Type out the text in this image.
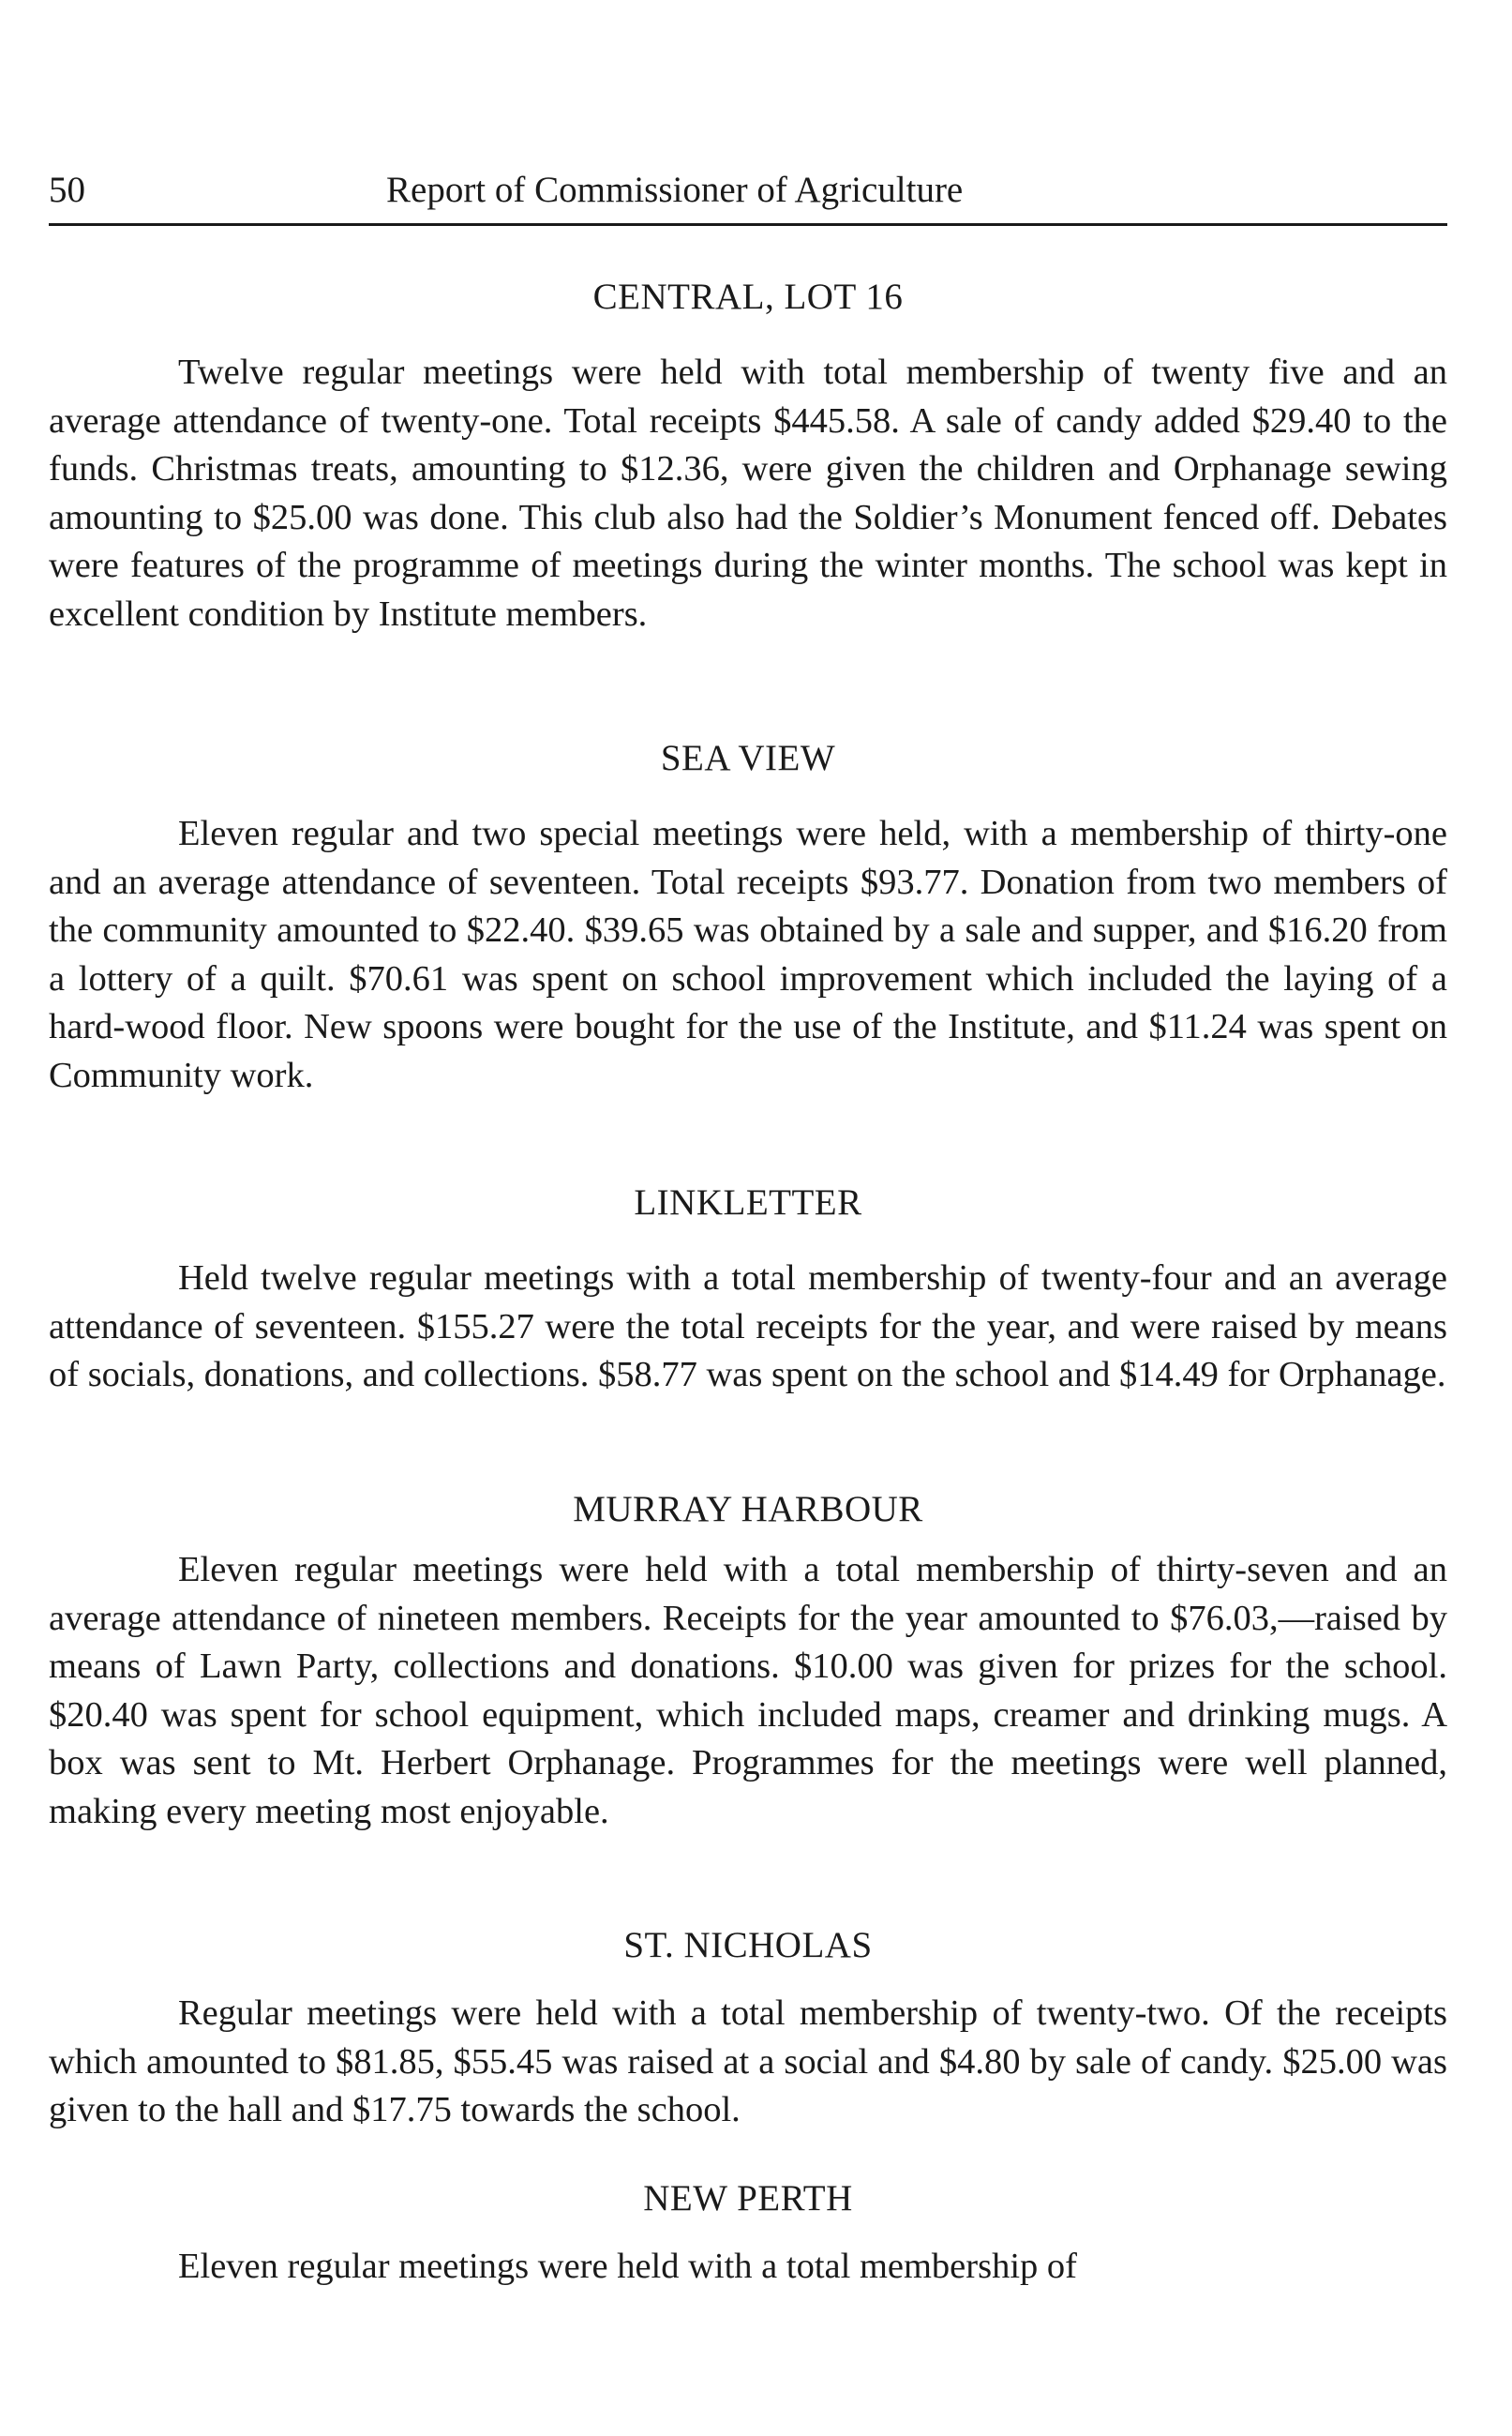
50	Report of Commissioner of Agriculture
CENTRAL, LOT 16

Twelve regular meetings were held with total membership of twenty five and an average attendance of twenty-one. Total receipts $445.58. A sale of candy added $29.40 to the funds. Christmas treats, amounting to $12.36, were given the children and Orphanage sewing amounting to $25.00 was done. This club also had the Soldier’s Monument fenced off. Debates were features of the programme of meetings during the winter months. The school was kept in excellent condition by Institute members.

SEA VIEW

Eleven regular and two special meetings were held, with a membership of thirty-one and an average attendance of seventeen. Total receipts $93.77. Donation from two members of the community amounted to $22.40. $39.65 was obtained by a sale and supper, and $16.20 from a lottery of a quilt. $70.61 was spent on school improvement which included the laying of a hard-wood floor. New spoons were bought for the use of the Institute, and $11.24 was spent on Community work.

LINKLETTER

Held twelve regular meetings with a total membership of twenty-four and an average attendance of seventeen. $155.27 were the total receipts for the year, and were raised by means of socials, donations, and collections. $58.77 was spent on the school and $14.49 for Orphanage.

MURRAY HARBOUR

Eleven regular meetings were held with a total membership of thirty-seven and an average attendance of nineteen members. Receipts for the year amounted to $76.03,—raised by means of Lawn Party, collections and donations. $10.00 was given for prizes for the school. $20.40 was spent for school equipment, which included maps, creamer and drinking mugs. A box was sent to Mt. Herbert Orphanage. Programmes for the meetings were well planned, making every meeting most enjoyable.

ST. NICHOLAS

Regular meetings were held with a total membership of twenty-two. Of the receipts which amounted to $81.85, $55.45 was raised at a social and $4.80 by sale of candy. $25.00 was given to the hall and $17.75 towards the school.

NEW PERTH

Eleven regular meetings were held with a total membership of
